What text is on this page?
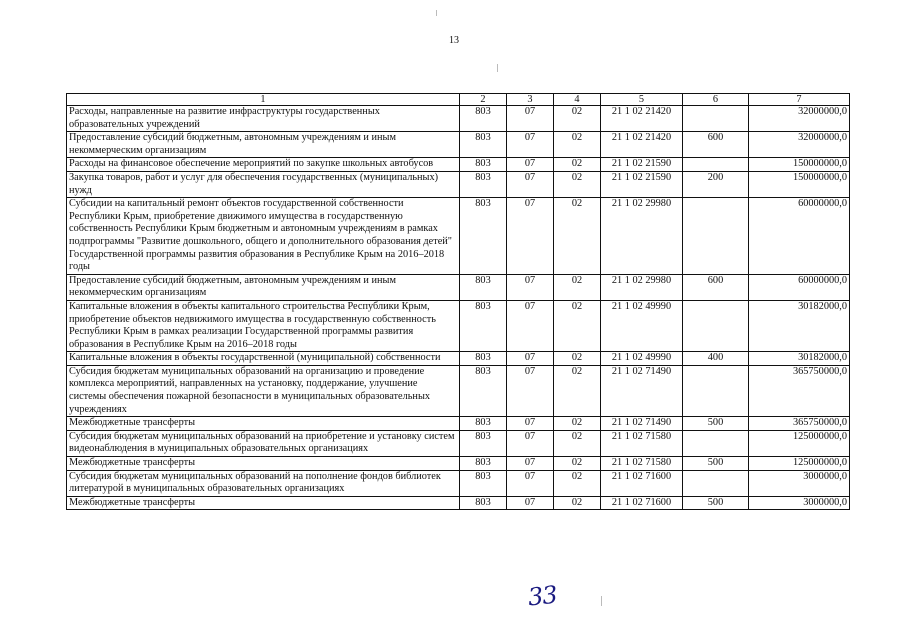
13
1	2	3	4	5	6	7
Расходы, направленные на развитие инфраструктуры государственных образовательных учреждений	803	07	02	21 1 02 21420		32000000,0
Предоставление субсидий бюджетным, автономным учреждениям и иным некоммерческим организациям	803	07	02	21 1 02 21420	600	32000000,0
Расходы на финансовое обеспечение мероприятий по закупке школьных автобусов	803	07	02	21 1 02 21590		150000000,0
Закупка товаров, работ и услуг для обеспечения государственных (муниципальных) нужд	803	07	02	21 1 02 21590	200	150000000,0
Субсидии на капитальный ремонт объектов государственной собственности Республики Крым, приобретение движимого имущества в государственную собственность Республики Крым бюджетным и автономным учреждениям в рамках подпрограммы "Развитие дошкольного, общего и дополнительного образования детей" Государственной программы развития образования в Республике Крым на 2016–2018 годы	803	07	02	21 1 02 29980		60000000,0
Предоставление субсидий бюджетным, автономным учреждениям и иным некоммерческим организациям	803	07	02	21 1 02 29980	600	60000000,0
Капитальные вложения в объекты капитального строительства Республики Крым, приобретение объектов недвижимого имущества в государственную собственность Республики Крым в рамках реализации Государственной программы развития образования в Республике Крым на 2016–2018 годы	803	07	02	21 1 02 49990		30182000,0
Капитальные вложения в объекты государственной (муниципальной) собственности	803	07	02	21 1 02 49990	400	30182000,0
Субсидия бюджетам муниципальных образований на организацию и проведение комплекса мероприятий, направленных на установку, поддержание, улучшение системы обеспечения пожарной безопасности в муниципальных образовательных учреждениях	803	07	02	21 1 02 71490		365750000,0
Межбюджетные трансферты	803	07	02	21 1 02 71490	500	365750000,0
Субсидия бюджетам муниципальных образований на приобретение и установку систем видеонаблюдения в муниципальных образовательных организациях	803	07	02	21 1 02 71580		125000000,0
Межбюджетные трансферты	803	07	02	21 1 02 71580	500	125000000,0
Субсидия бюджетам муниципальных образований на пополнение фондов библиотек литературой в муниципальных образовательных организациях	803	07	02	21 1 02 71600		3000000,0
Межбюджетные трансферты	803	07	02	21 1 02 71600	500	3000000,0
33
